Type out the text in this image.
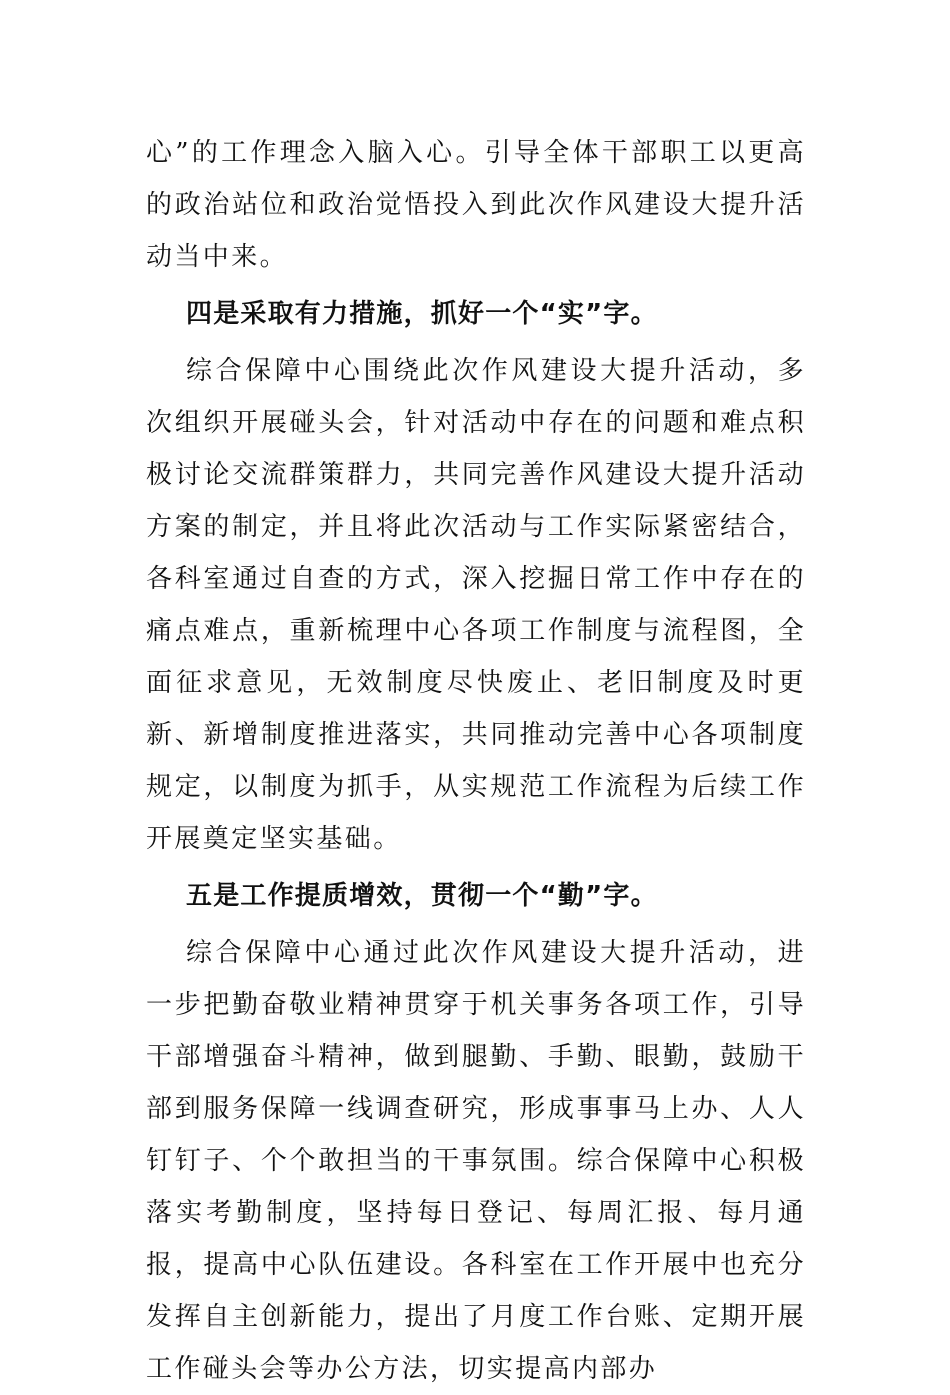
心”的工作理念入脑入心。引导全体干部职工以更高的政治站位和政治觉悟投入到此次作风建设大提升活动当中来。

四是采取有力措施，抓好一个“实”字。

综合保障中心围绕此次作风建设大提升活动，多次组织开展碰头会，针对活动中存在的问题和难点积极讨论交流群策群力，共同完善作风建设大提升活动方案的制定，并且将此次活动与工作实际紧密结合，各科室通过自查的方式，深入挖掘日常工作中存在的痛点难点，重新梳理中心各项工作制度与流程图，全面征求意见，无效制度尽快废止、老旧制度及时更新、新增制度推进落实，共同推动完善中心各项制度规定，以制度为抓手，从实规范工作流程为后续工作开展奠定坚实基础。

五是工作提质增效，贯彻一个“勤”字。

综合保障中心通过此次作风建设大提升活动，进一步把勤奋敬业精神贯穿于机关事务各项工作，引导干部增强奋斗精神，做到腿勤、手勤、眼勤，鼓励干部到服务保障一线调查研究，形成事事马上办、人人钉钉子、个个敢担当的干事氛围。综合保障中心积极落实考勤制度，坚持每日登记、每周汇报、每月通报，提高中心队伍建设。各科室在工作开展中也充分发挥自主创新能力，提出了月度工作台账、定期开展工作碰头会等办公方法，切实提高内部办
